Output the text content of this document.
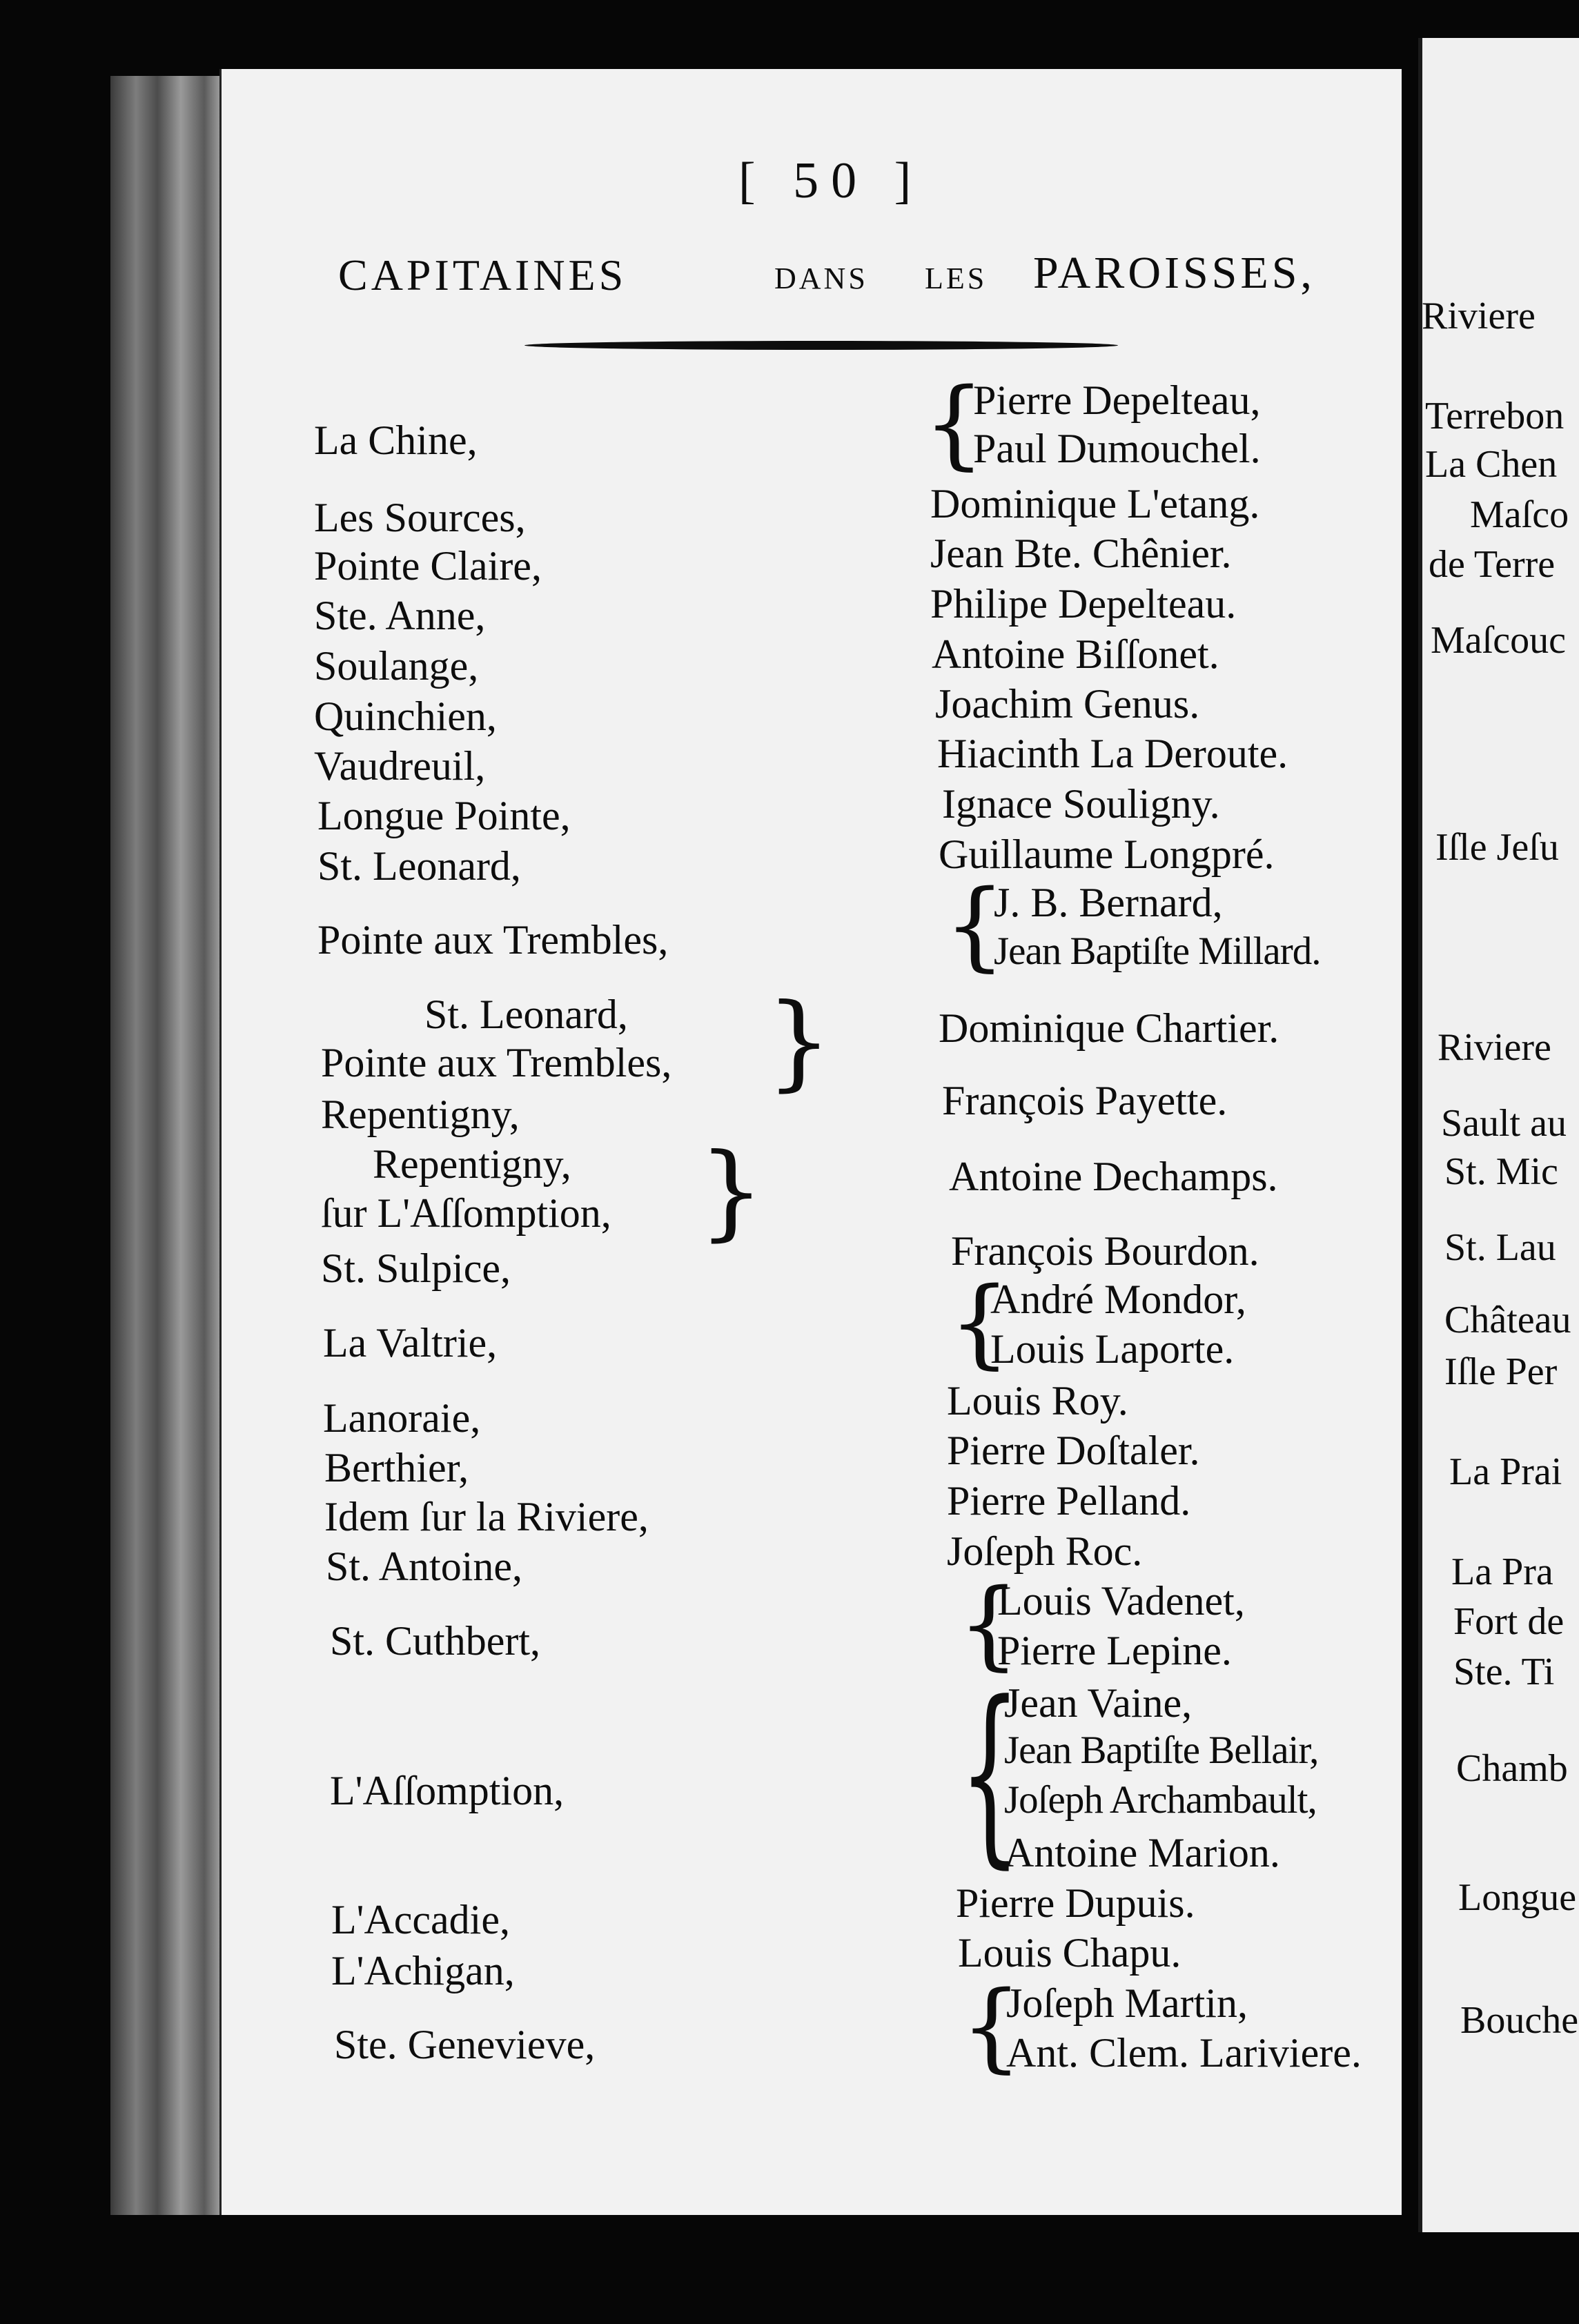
[ 50 ]
CAPITAINES	DANS LES PAROISSES,
La Chine,
Les Sources,
Pointe Claire,
Ste. Anne,
Soulange,
Quinchien,
Vaudreuil,
Longue Pointe,
St. Leonard,
Pointe aux Trembles,
St. Leonard,
Pointe aux Trembles,
Repentigny,
Repentigny,
ſur L'Aſſomption,
St. Sulpice,
La Valtrie,
Lanoraie,
Berthier,
Idem ſur la Riviere,
St. Antoine,
St. Cuthbert,
L'Aſſomption,
L'Accadie,
L'Achigan,
Ste. Genevieve,
}
}
Pierre Depelteau,
Paul Dumouchel.
Dominique L'etang.
Jean Bte. Chênier.
Philipe Depelteau.
Antoine Biſſonet.
Joachim Genus.
Hiacinth La Deroute.
Ignace Souligny.
Guillaume Longpré.
J. B. Bernard,
Jean Baptiſte Millard.
Dominique Chartier.
François Payette.
Antoine Dechamps.
François Bourdon.
André Mondor,
Louis Laporte.
Louis Roy.
Pierre Doſtaler.
Pierre Pelland.
Joſeph Roc.
Louis Vadenet,
Pierre Lepine.
Jean Vaine,
Jean Baptiſte Bellair,
Joſeph Archambault,
Antoine Marion.
Pierre Dupuis.
Louis Chapu.
Joſeph Martin,
Ant. Clem. Lariviere.
{
{
{
{
{
{
Riviere
Terrebon
La Chen
Maſco
de Terre
Maſcouc
Iſle Jeſu
Riviere
Sault au
St. Mic
St. Lau
Château
Iſle Per
La Prai
La Pra
Fort de
Ste. Ti
Chamb
Longue
Bouche
